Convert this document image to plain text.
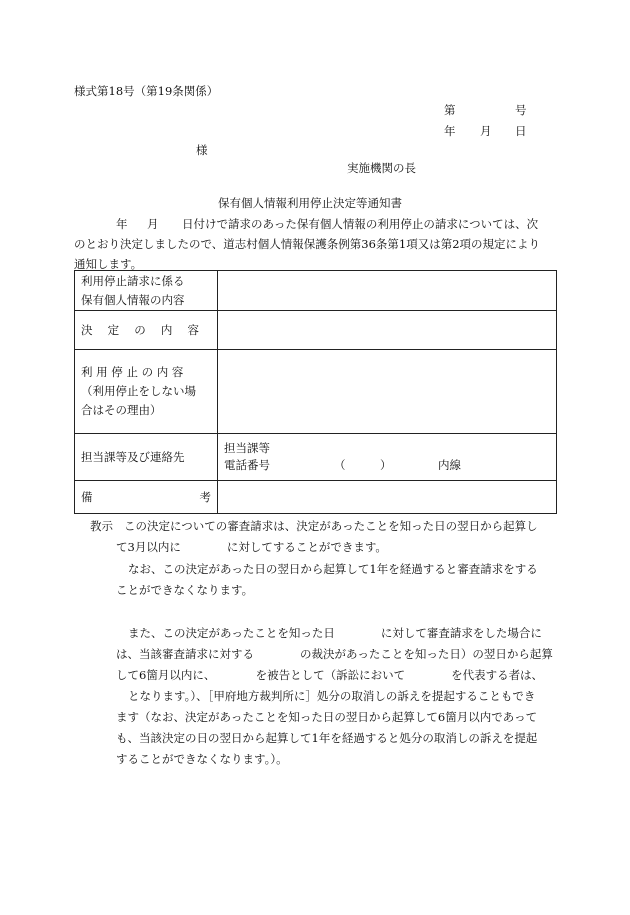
様式第18号（第19条関係）
第	号
年 月 日
様
実施機関の長
保有個人情報利用停止決定等通知書
年 月 日付けで請求のあった保有個人情報の利用停止の請求については、次
のとおり決定しましたので、道志村個人情報保護条例第36条第1項又は第2項の規定により
通知します。
利用停止請求に係る
保有個人情報の内容	

決 定 の 内 容	

利 用 停 止 の 内 容
（利用停止をしない場
合はその理由）	

担当課等及び連絡先	担当課等
電話番号 （　　　） 内線

備 考	

教示 この決定についての審査請求は、決定があったことを知った日の翌日から起算し
て3月以内に　　　　に対してすることができます。
なお、この決定があった日の翌日から起算して1年を経過すると審査請求をする
ことができなくなります。
また、この決定があったことを知った日　　　　に対して審査請求をした場合に
は、当該審査請求に対する　　　　の裁決があったことを知った日）の翌日から起算
して6箇月以内に、　　　　を被告として（訴訟において　　　　を代表する者は、
となります。）、［甲府地方裁判所に］処分の取消しの訴えを提起することもでき
ます（なお、決定があったことを知った日の翌日から起算して6箇月以内であって
も、当該決定の日の翌日から起算して1年を経過すると処分の取消しの訴えを提起
することができなくなります。）。
